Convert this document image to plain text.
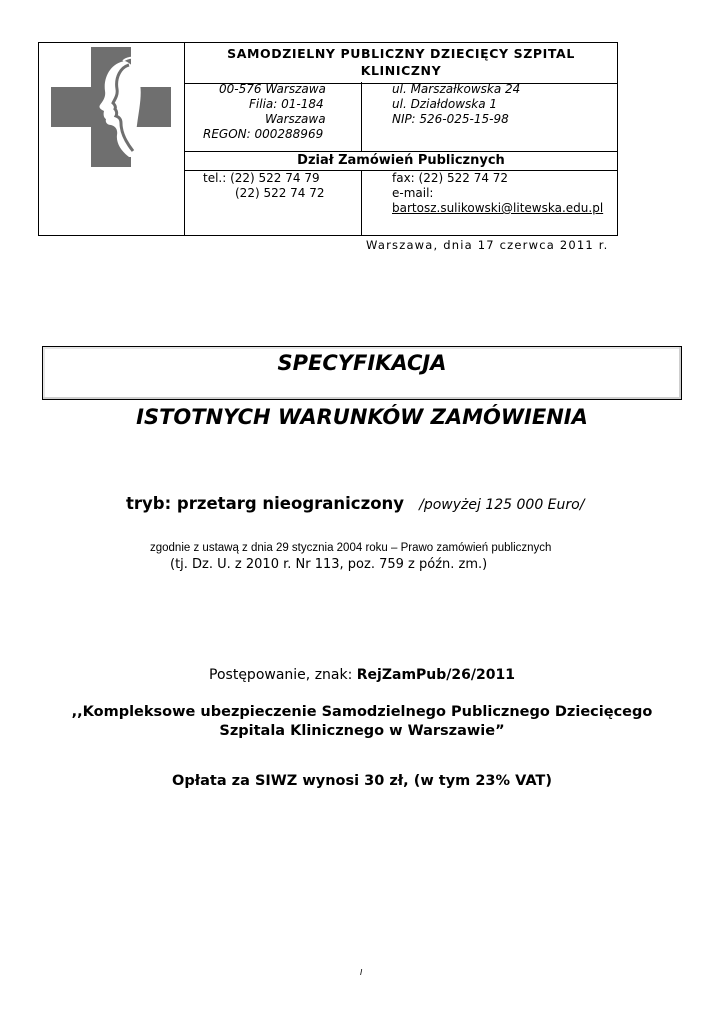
SAMODZIELNY PUBLICZNY DZIECIĘCY SZPITAL
KLINICZNY
00-576 Warszawa
Filia: 01-184
Warszawa
REGON: 000288969
ul. Marszałkowska 24
ul. Działdowska 1
NIP: 526-025-15-98
Dział Zamówień Publicznych
tel.: (22) 522 74 79
(22) 522 74 72
fax: (22) 522 74 72
e-mail:
bartosz.sulikowski@litewska.edu.pl
Warszawa, dnia 17 czerwca 2011 r.
SPECYFIKACJA
ISTOTNYCH WARUNKÓW ZAMÓWIENIA
tryb: przetarg nieograniczony /powyżej 125 000 Euro/
zgodnie z ustawą z dnia 29 stycznia 2004 roku – Prawo zamówień publicznych
(tj. Dz. U. z 2010 r. Nr 113, poz. 759 z późn. zm.)
Postępowanie, znak: RejZamPub/26/2011
,,Kompleksowe ubezpieczenie Samodzielnego Publicznego Dziecięcego
Szpitala Klinicznego w Warszawie”
Opłata za SIWZ wynosi 30 zł, (w tym 23% VAT)
I
